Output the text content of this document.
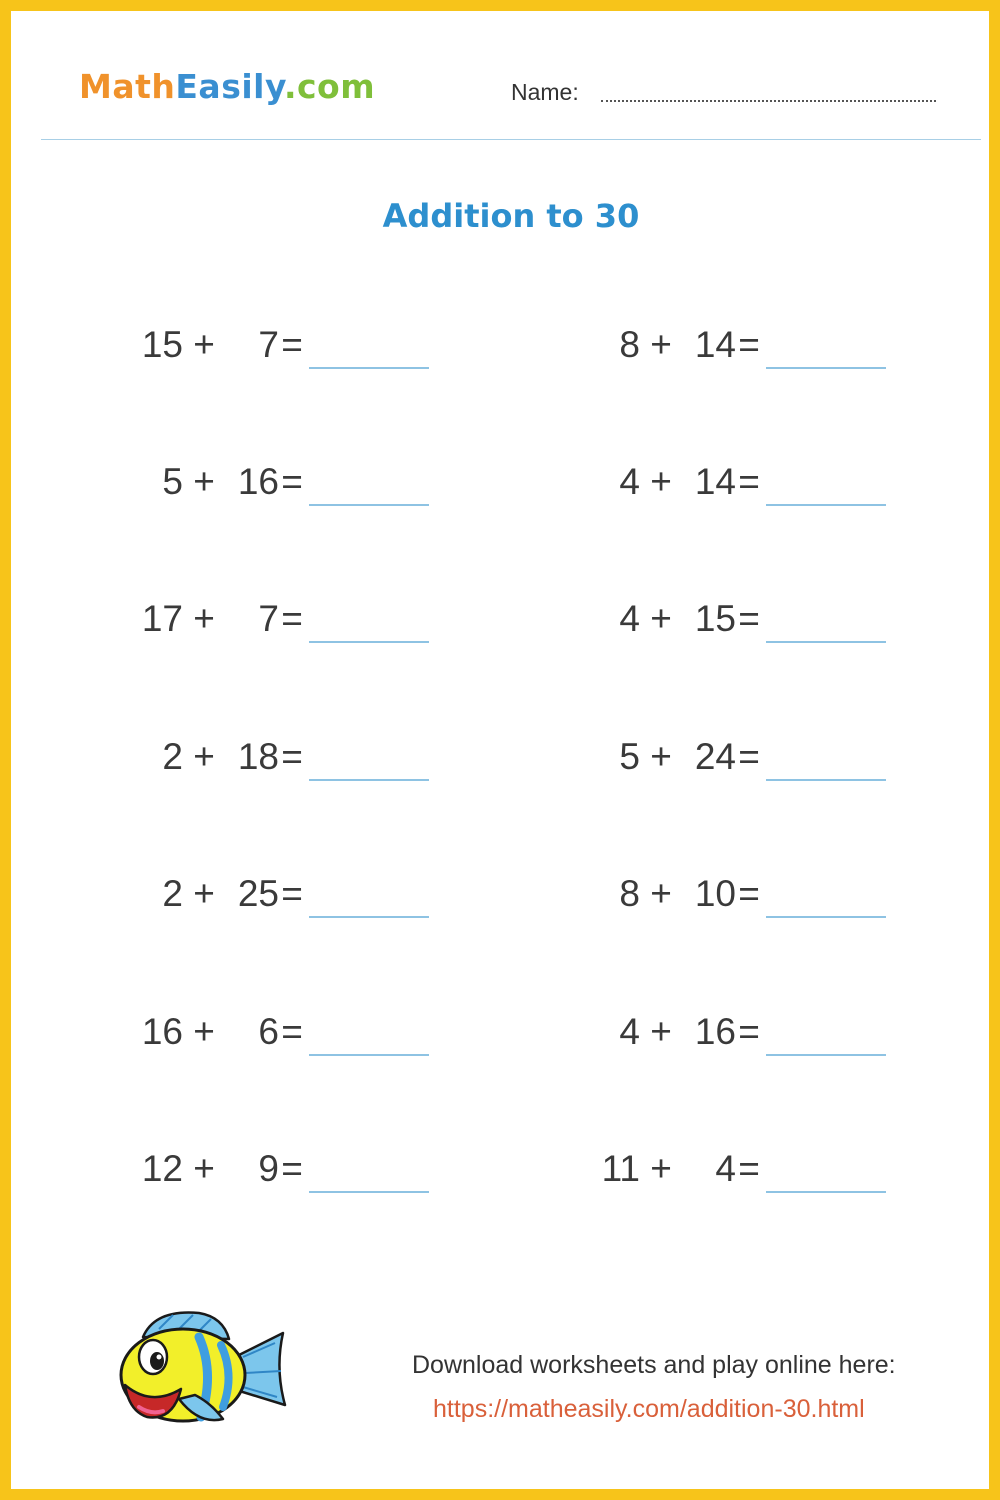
MathEasily.com	Name:
Addition to 30
15 +	7 =	8 + 14 =
5 + 16 =	4 + 14 =
17 +	7 =	4 + 15 =
2 + 18 =	5 + 24 =
2 + 25 =	8 + 10 =
16 +	6 =	4 + 16 =
12 +	9 =	11 +	4 =
Download worksheets and play online here:
https://matheasily.com/addition-30.html
